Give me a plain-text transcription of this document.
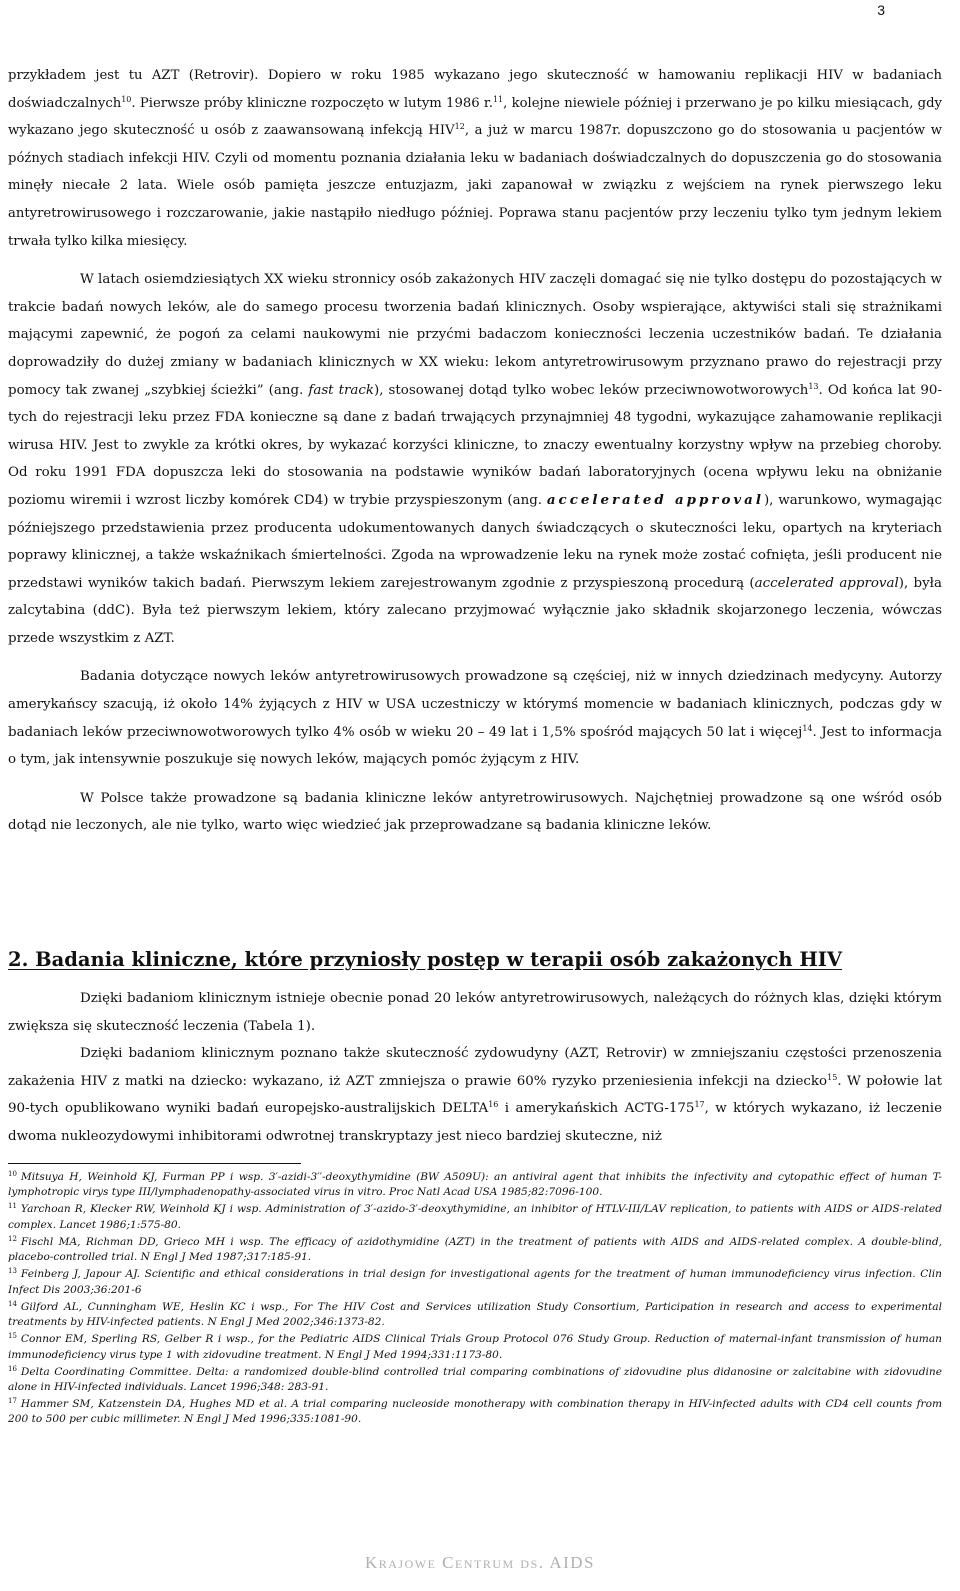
3

przykładem jest tu AZT (Retrovir). Dopiero w roku 1985 wykazano jego skuteczność w hamowaniu replikacji HIV w badaniach doświadczalnych$^{10}$. Pierwsze próby kliniczne rozpoczęto w lutym 1986 r.$^{11}$, kolejne niewiele później i przerwano je po kilku miesiącach, gdy wykazano jego skuteczność u osób z zaawansowaną infekcją HIV$^{12}$, a już w marcu 1987r. dopuszczono go do stosowania u pacjentów w późnych stadiach infekcji HIV. Czyli od momentu poznania działania leku w badaniach doświadczalnych do dopuszczenia go do stosowania minęły niecałe 2 lata. Wiele osób pamięta jeszcze entuzjazm, jaki zapanował w związku z wejściem na rynek pierwszego leku antyretrowirusowego i rozczarowanie, jakie nastąpiło niedługo później. Poprawa stanu pacjentów przy leczeniu tylko tym jednym lekiem trwała tylko kilka miesięcy.

W latach osiemdziesiątych XX wieku stronnicy osób zakażonych HIV zaczęli domagać się nie tylko dostępu do pozostających w trakcie badań nowych leków, ale do samego procesu tworzenia badań klinicznych. Osoby wspierające, aktywiści stali się strażnikami mającymi zapewnić, że pogoń za celami naukowymi nie przyćmi badaczom konieczności leczenia uczestników badań. Te działania doprowadziły do dużej zmiany w badaniach klinicznych w XX wieku: lekom antyretrowirusowym przyznano prawo do rejestracji przy pomocy tak zwanej „szybkiej ścieżki” (ang. fast track), stosowanej dotąd tylko wobec leków przeciwnowotworowych$^{13}$. Od końca lat 90-tych do rejestracji leku przez FDA konieczne są dane z badań trwających przynajmniej 48 tygodni, wykazujące zahamowanie replikacji wirusa HIV. Jest to zwykle za krótki okres, by wykazać korzyści kliniczne, to znaczy ewentualny korzystny wpływ na przebieg choroby. Od roku 1991 FDA dopuszcza leki do stosowania na podstawie wyników badań laboratoryjnych (ocena wpływu leku na obniżanie poziomu wiremii i wzrost liczby komórek CD4) w trybie przyspieszonym (ang. accelerated approval), warunkowo, wymagając późniejszego przedstawienia przez producenta udokumentowanych danych świadczących o skuteczności leku, opartych na kryteriach poprawy klinicznej, a także wskaźnikach śmiertelności. Zgoda na wprowadzenie leku na rynek może zostać cofnięta, jeśli producent nie przedstawi wyników takich badań. Pierwszym lekiem zarejestrowanym zgodnie z przyspieszoną procedurą (accelerated approval), była zalcytabina (ddC). Była też pierwszym lekiem, który zalecano przyjmować wyłącznie jako składnik skojarzonego leczenia, wówczas przede wszystkim z AZT.

Badania dotyczące nowych leków antyretrowirusowych prowadzone są częściej, niż w innych dziedzinach medycyny. Autorzy amerykańscy szacują, iż około 14% żyjących z HIV w USA uczestniczy w którymś momencie w badaniach klinicznych, podczas gdy w badaniach leków przeciwnowotworowych tylko 4% osób w wieku 20 – 49 lat i 1,5% spośród mających 50 lat i więcej$^{14}$. Jest to informacja o tym, jak intensywnie poszukuje się nowych leków, mających pomóc żyjącym z HIV.

W Polsce także prowadzone są badania kliniczne leków antyretrowirusowych. Najchętniej prowadzone są one wśród osób dotąd nie leczonych, ale nie tylko, warto więc wiedzieć jak przeprowadzane są badania kliniczne leków.

2. Badania kliniczne, które przyniosły postęp w terapii osób zakażonych HIV

Dzięki badaniom klinicznym istnieje obecnie ponad 20 leków antyretrowirusowych, należących do różnych klas, dzięki którym zwiększa się skuteczność leczenia (Tabela 1).

Dzięki badaniom klinicznym poznano także skuteczność zydowudyny (AZT, Retrovir) w zmniejszaniu częstości przenoszenia zakażenia HIV z matki na dziecko: wykazano, iż AZT zmniejsza o prawie 60% ryzyko przeniesienia infekcji na dziecko$^{15}$. W połowie lat 90-tych opublikowano wyniki badań europejsko-australijskich DELTA$^{16}$ i amerykańskich ACTG-$175^{17}$, w których wykazano, iż leczenie dwoma nukleozydowymi inhibitorami odwrotnej transkryptazy jest nieco bardziej skuteczne, niż

$^{10}$ Mitsuya H, Weinhold KJ, Furman PP i wsp. 3′-azidi-3′′-deoxythymidine (BW A509U): an antiviral agent that inhibits the infectivity and cytopathic effect of human T-lymphotropic virys type III/lymphadenopathy-associated virus in vitro. Proc Natl Acad USA 1985;82:7096-100.

$^{11}$ Yarchoan R, Klecker RW, Weinhold KJ i wsp. Administration of 3′-azido-3′-deoxythymidine, an inhibitor of HTLV-III/LAV replication, to patients with AIDS or AIDS-related complex. Lancet 1986;1:575-80.

$^{12}$ Fischl MA, Richman DD, Grieco MH i wsp. The efficacy of azidothymidine (AZT) in the treatment of patients with AIDS and AIDS-related complex. A double-blind, placebo-controlled trial. N Engl J Med 1987;317:185-91.

$^{13}$ Feinberg J, Japour AJ. Scientific and ethical considerations in trial design for investigational agents for the treatment of human immunodeficiency virus infection. Clin Infect Dis 2003;36:201-6

$^{14}$ Gilford AL, Cunningham WE, Heslin KC i wsp., For The HIV Cost and Services utilization Study Consortium, Participation in research and access to experimental treatments by HIV-infected patients. N Engl J Med 2002;346:1373-82.

$^{15}$ Connor EM, Sperling RS, Gelber R i wsp., for the Pediatric AIDS Clinical Trials Group Protocol 076 Study Group. Reduction of maternal-infant transmission of human immunodeficiency virus type 1 with zidovudine treatment. N Engl J Med 1994;331:1173-80.

$^{16}$ Delta Coordinating Committee. Delta: a randomized double-blind controlled trial comparing combinations of zidovudine plus didanosine or zalcitabine with zidovudine alone in HIV-infected individuals. Lancet 1996;348: 283-91.

$^{17}$ Hammer SM, Katzenstein DA, Hughes MD et al. A trial comparing nucleoside monotherapy with combination therapy in HIV-infected adults with CD4 cell counts from 200 to 500 per cubic millimeter. N Engl J Med 1996;335:1081-90.

Krajowe Centrum ds. AIDS
